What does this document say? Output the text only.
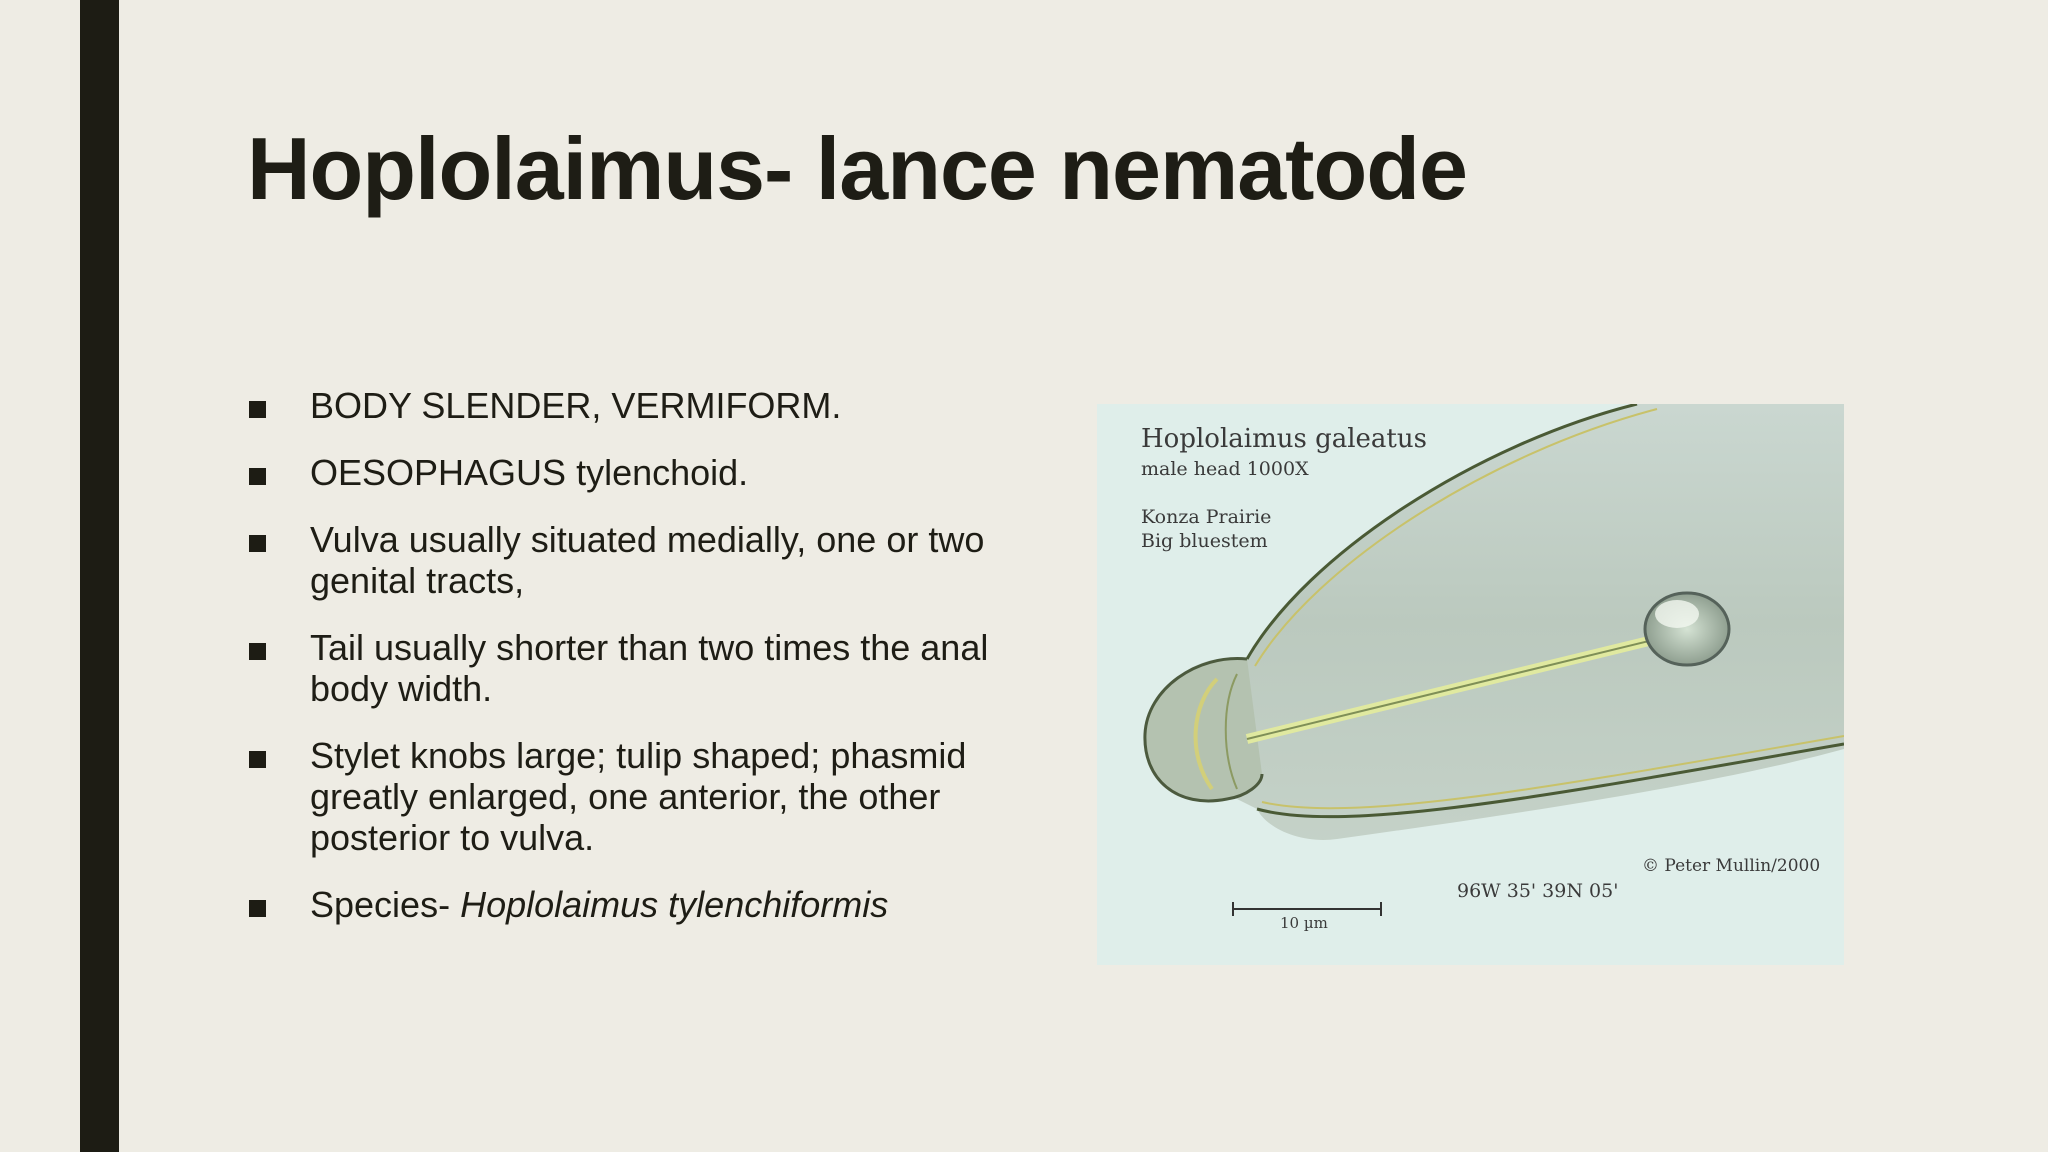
Hoplolaimus- lance nematode
BODY SLENDER, VERMIFORM.
OESOPHAGUS tylenchoid.
Vulva usually situated medially, one or two genital tracts,
Tail usually shorter than two times the anal body width.
Stylet knobs large; tulip shaped; phasmid greatly enlarged, one anterior, the other posterior to vulva.
Species- Hoplolaimus tylenchiformis
Hoplolaimus galeatus
male head 1000X
Konza Prairie
Big bluestem
© Peter Mullin/2000
96W 35' 39N 05'
10 µm
